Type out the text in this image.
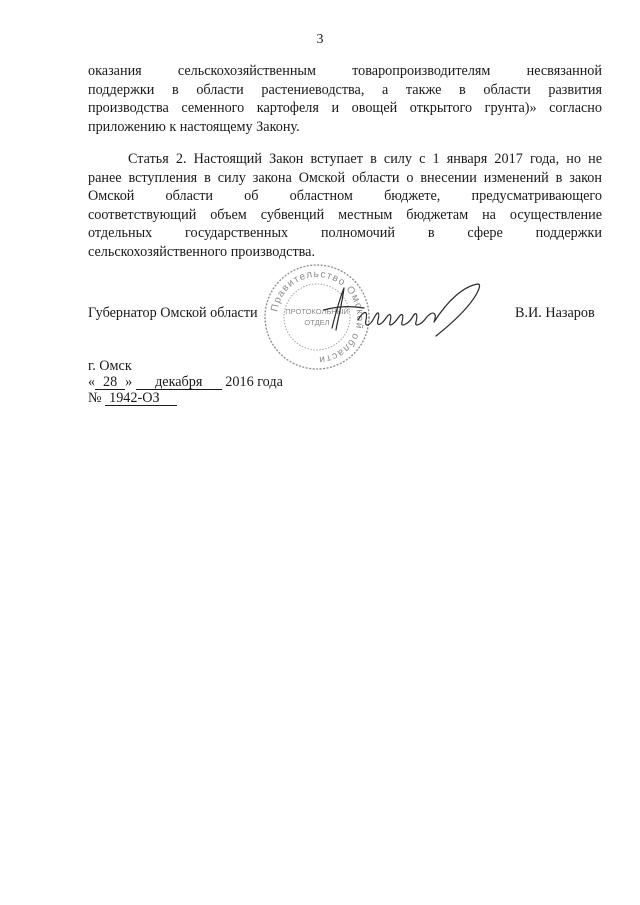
3
оказания сельскохозяйственным товаропроизводителям несвязанной
поддержки в области растениеводства, а также в области развития
производства семенного картофеля и овощей открытого грунта)» согласно
приложению к настоящему Закону.
Статья 2. Настоящий Закон вступает в силу с 1 января 2017 года, но не
ранее вступления в силу закона Омской области о внесении изменений в закон
Омской области об областном бюджете, предусматривающего
соответствующий объем субвенций местным бюджетам на осуществление
отдельных государственных полномочий в сфере поддержки
сельскохозяйственного производства.
Правительство Омской области
ПРОТОКОЛЬНЫЙ
ОТДЕЛ
Губернатор Омской области	В.И. Назаров
г. Омск
« 28 » декабря 2016 года
№ 1942-ОЗ
